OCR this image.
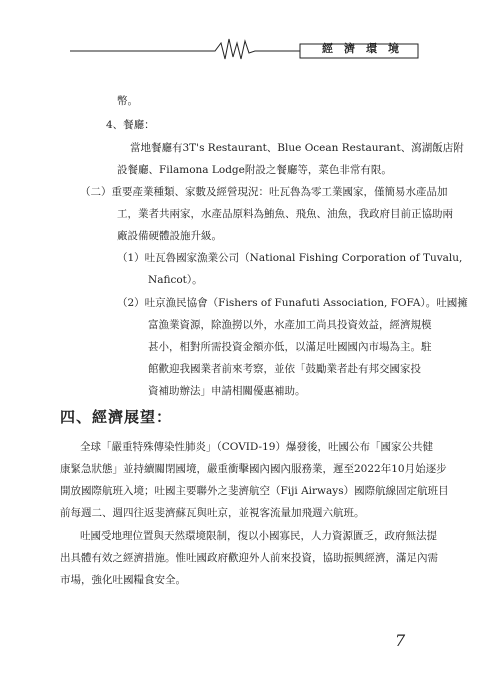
經濟環境
幣。
4、餐廳：
當地餐廳有3T's Restaurant、Blue Ocean Restaurant、瀉湖飯店附
設餐廳、Filamona Lodge附設之餐廳等，菜色非常有限。
（二）重要產業種類、家數及經營現況：吐瓦魯為零工業國家，僅簡易水產品加
工，業者共兩家，水產品原料為鮪魚、飛魚、油魚，我政府目前正協助兩
廠設備硬體設施升級。
（1）吐瓦魯國家漁業公司（National Fishing Corporation of Tuvalu,
Naficot）。
（2）吐京漁民協會（Fishers of Funafuti Association, FOFA）。吐國擁
富漁業資源，除漁撈以外，水產加工尚具投資效益，經濟規模
甚小，相對所需投資金額亦低，以滿足吐國國內市場為主。駐
館歡迎我國業者前來考察，並依「鼓勵業者赴有邦交國家投
資補助辦法」申請相關優惠補助。
四、經濟展望：
全球「嚴重特殊傳染性肺炎」（COVID-19）爆發後，吐國公布「國家公共健
康緊急狀態」並持續關閉國境，嚴重衝擊國內國內服務業，遲至2022年10月始逐步
開放國際航班入境；吐國主要聯外之斐濟航空（Fiji Airways）國際航線固定航班目
前每週二、週四往返斐濟蘇瓦與吐京，並視客流量加飛週六航班。
吐國受地理位置與天然環境限制，復以小國寡民，人力資源匱乏，政府無法提
出具體有效之經濟措施。惟吐國政府歡迎外人前來投資，協助振興經濟，滿足內需
市場，強化吐國糧食安全。
7
